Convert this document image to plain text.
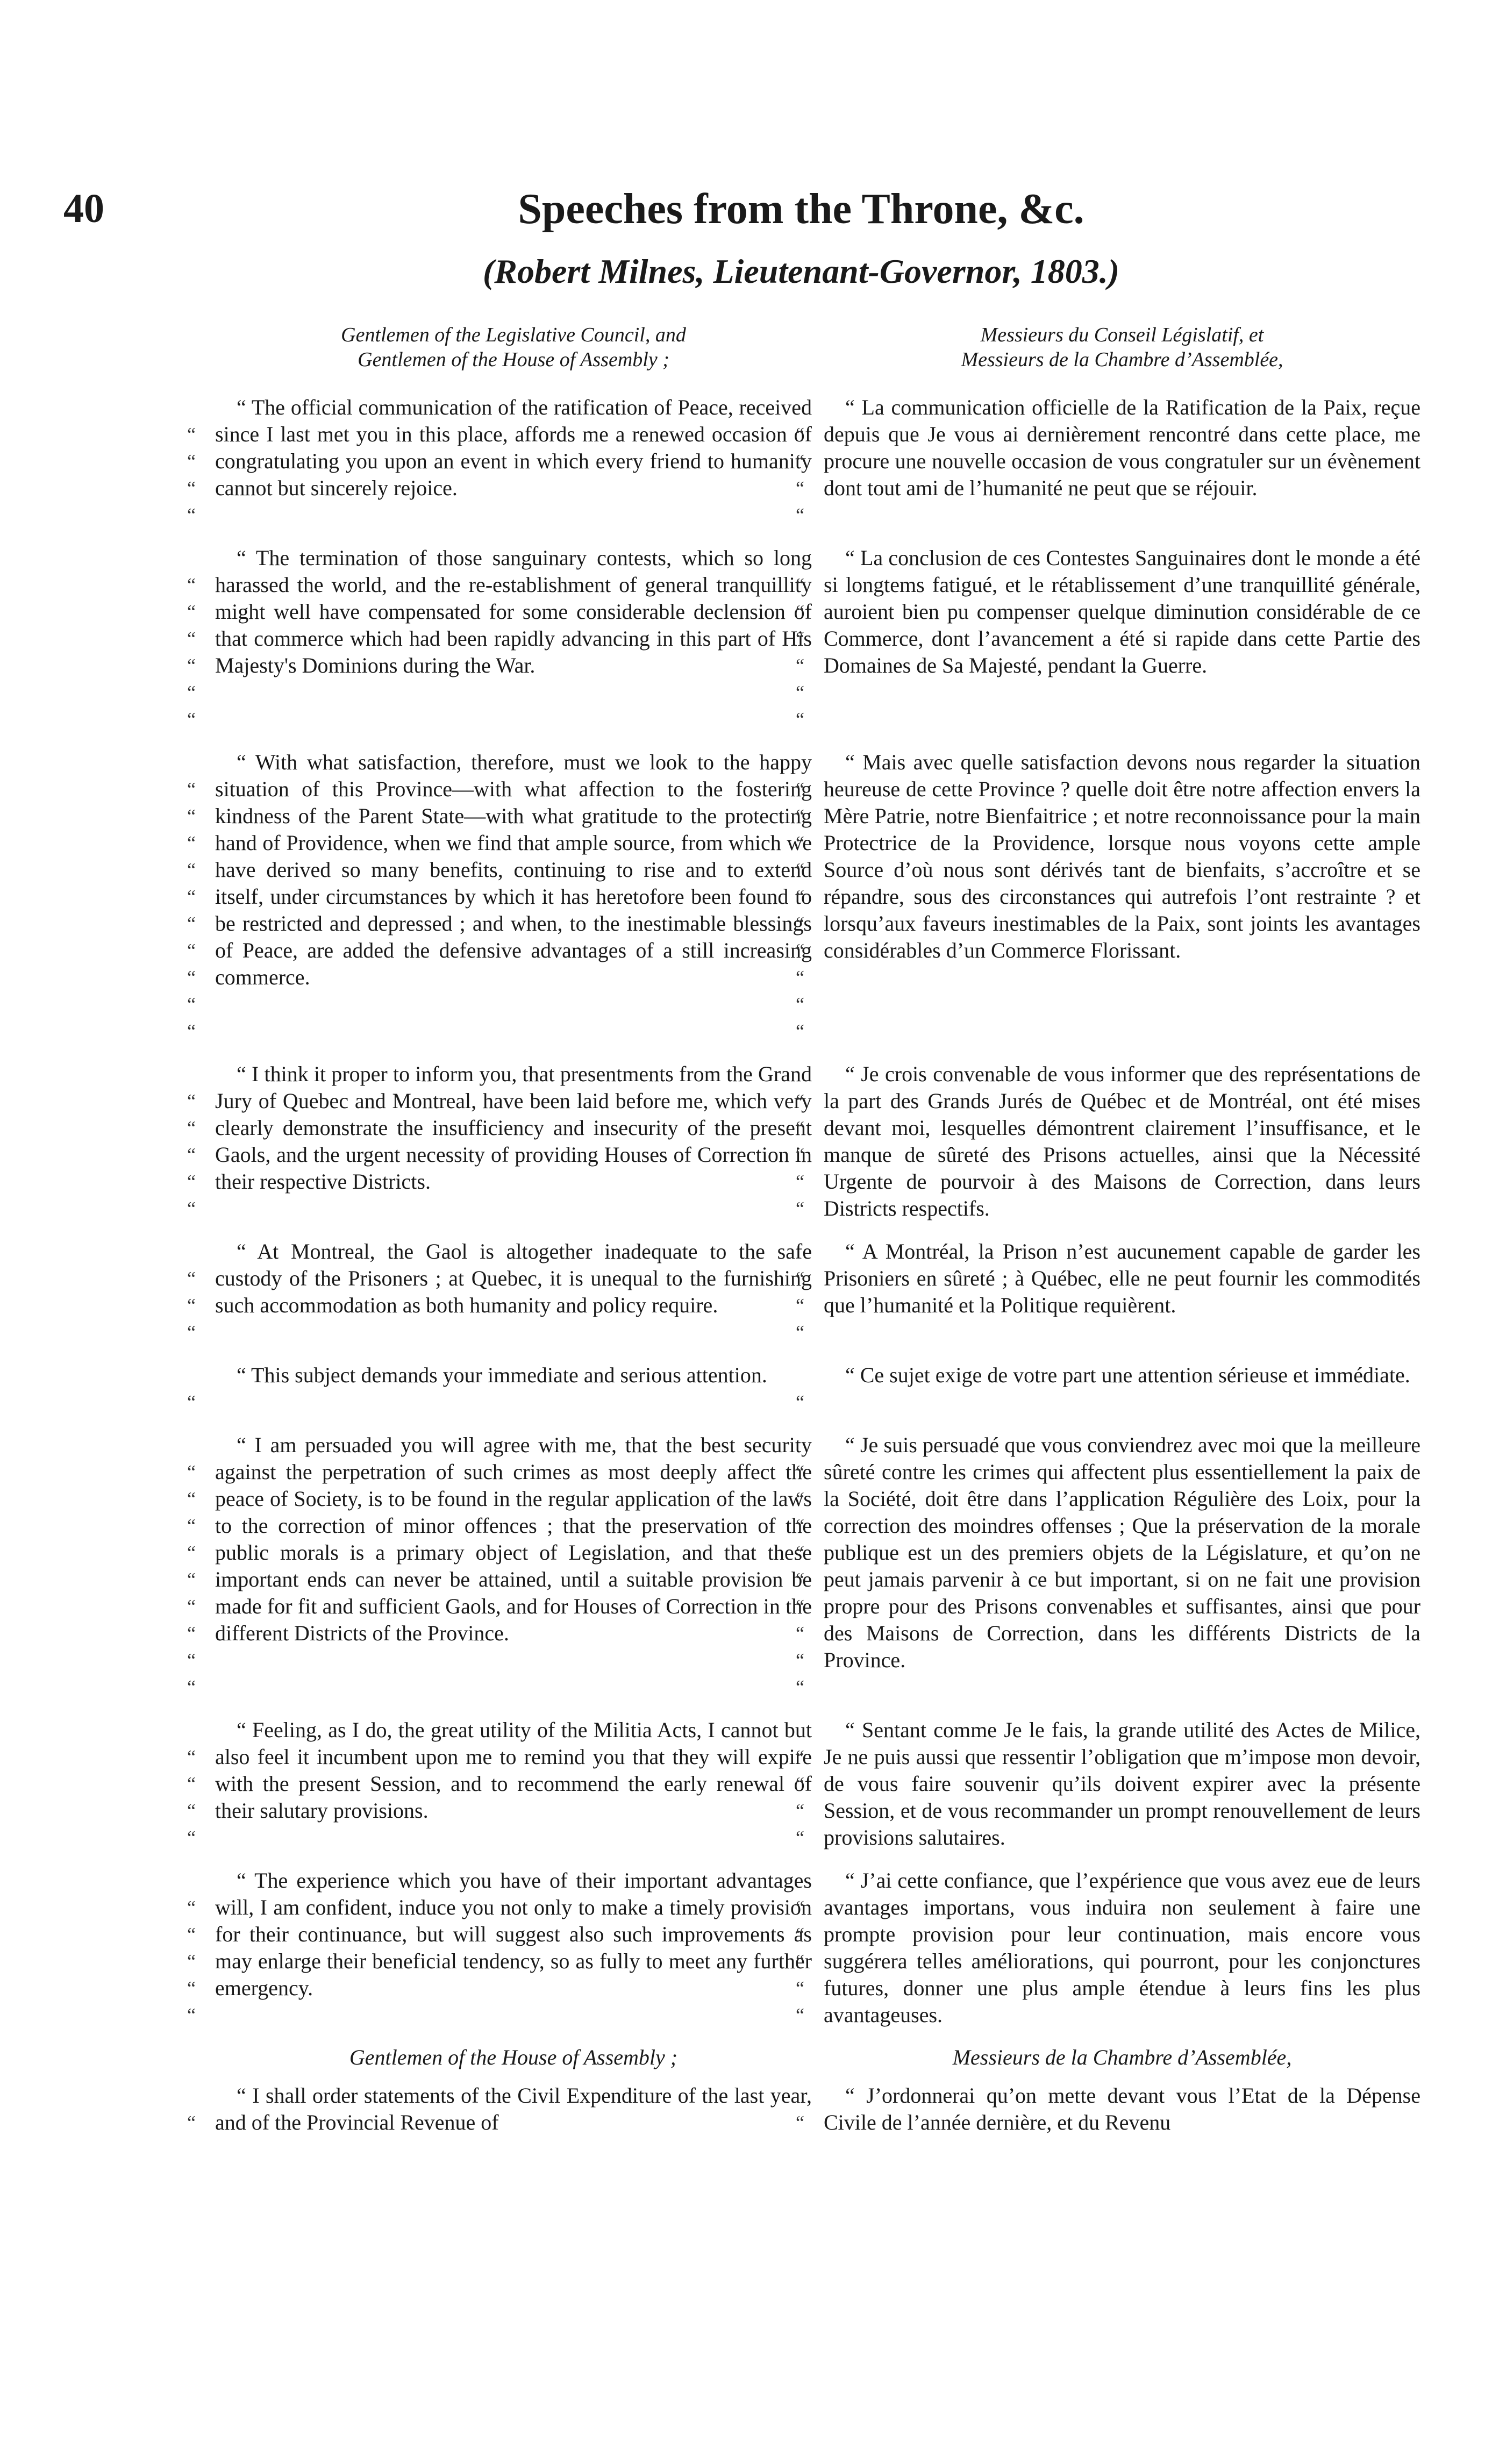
40	Speeches from the Throne, &c.
(Robert Milnes, Lieutenant-Governor, 1803.)
Gentlemen of the Legislative Council, and
Gentlemen of the House of Assembly ;
“ “ “ “ “ “ “ “ “ “ “ “ “ “ “ “ The official communication of the ratification of Peace, received since I last met you in this place, affords me a renewed occasion of congratulating you upon an event in which every friend to humanity cannot but sincerely rejoice.
“ “ “ “ “ “ “ “ “ “ “ “ “ “ “ “ The termination of those sanguinary contests, which so long harassed the world, and the re-establishment of general tranquillity might well have compensated for some considerable declension of that commerce which had been rapidly advancing in this part of His Majesty's Dominions during the War.
“ “ “ “ “ “ “ “ “ “ “ “ “ “ “ “ With what satisfaction, therefore, must we look to the happy situation of this Province—with what affection to the fostering kindness of the Parent State—with what gratitude to the protecting hand of Providence, when we find that ample source, from which we have derived so many benefits, continuing to rise and to extend itself, under circumstances by which it has heretofore been found to be restricted and depressed ; and when, to the inestimable blessings of Peace, are added the defensive advantages of a still increasing commerce.
“ “ “ “ “ “ “ “ “ “ “ “ “ “ “ “ I think it proper to inform you, that presentments from the Grand Jury of Quebec and Montreal, have been laid before me, which very clearly demonstrate the insufficiency and insecurity of the present Gaols, and the urgent necessity of providing Houses of Correction in their respective Districts.
“ “ “ “ “ “ “ “ “ “ “ “ “ “ “ “ At Montreal, the Gaol is altogether inadequate to the safe custody of the Prisoners ; at Quebec, it is unequal to the furnishing such accommodation as both humanity and policy require.
“ “ “ “ “ “ “ “ “ “ “ “ “ “ “ “ This subject demands your immediate and serious attention.
“ “ “ “ “ “ “ “ “ “ “ “ “ “ “ “ I am persuaded you will agree with me, that the best security against the perpetration of such crimes as most deeply affect the peace of Society, is to be found in the regular application of the laws to the correction of minor offences ; that the preservation of the public morals is a primary object of Legislation, and that these important ends can never be attained, until a suitable provision be made for fit and sufficient Gaols, and for Houses of Correction in the different Districts of the Province.
“ “ “ “ “ “ “ “ “ “ “ “ “ “ “ “ Feeling, as I do, the great utility of the Militia Acts, I cannot but also feel it incumbent upon me to remind you that they will expire with the present Session, and to recommend the early renewal of their salutary provisions.
“ “ “ “ “ “ “ “ “ “ “ “ “ “ “ “ The experience which you have of their important advantages will, I am confident, induce you not only to make a timely provision for their continuance, but will suggest also such improvements as may enlarge their beneficial tendency, so as fully to meet any further emergency.
Gentlemen of the House of Assembly ;
“ “ “ “ “ “ “ “ “ “ “ “ “ “ “ “ I shall order statements of the Civil Expenditure of the last year, and of the Provincial Revenue of
Messieurs du Conseil Législatif, et
Messieurs de la Chambre d’Assemblée,
“ “ “ “ “ “ “ “ “ “ “ “ “ “ “ “ La communication officielle de la Ratification de la Paix, reçue depuis que Je vous ai dernièrement rencontré dans cette place, me procure une nouvelle occasion de vous congratuler sur un évènement dont tout ami de l’humanité ne peut que se réjouir.
“ “ “ “ “ “ “ “ “ “ “ “ “ “ “ “ La conclusion de ces Contestes Sanguinaires dont le monde a été si longtems fatigué, et le rétablissement d’une tranquillité générale, auroient bien pu compenser quelque diminution considérable de ce Commerce, dont l’avancement a été si rapide dans cette Partie des Domaines de Sa Majesté, pendant la Guerre.
“ “ “ “ “ “ “ “ “ “ “ “ “ “ “ “ Mais avec quelle satisfaction devons nous regarder la situation heureuse de cette Province ? quelle doit être notre affection envers la Mère Patrie, notre Bienfaitrice ; et notre reconnoissance pour la main Protectrice de la Providence, lorsque nous voyons cette ample Source d’où nous sont dérivés tant de bienfaits, s’accroître et se répandre, sous des circonstances qui autrefois l’ont restrainte ? et lorsqu’aux faveurs inestimables de la Paix, sont joints les avantages considérables d’un Commerce Florissant.
“ “ “ “ “ “ “ “ “ “ “ “ “ “ “ “ Je crois convenable de vous informer que des représentations de la part des Grands Jurés de Québec et de Montréal, ont été mises devant moi, lesquelles démontrent clairement l’insuffisance, et le manque de sûreté des Prisons actuelles, ainsi que la Nécessité Urgente de pourvoir à des Maisons de Correction, dans leurs Districts respectifs.
“ “ “ “ “ “ “ “ “ “ “ “ “ “ “ “ A Montréal, la Prison n’est aucunement capable de garder les Prisoniers en sûreté ; à Québec, elle ne peut fournir les commodités que l’humanité et la Politique requièrent.
“ “ “ “ “ “ “ “ “ “ “ “ “ “ “ “ Ce sujet exige de votre part une attention sérieuse et immédiate.
“ “ “ “ “ “ “ “ “ “ “ “ “ “ “ “ Je suis persuadé que vous conviendrez avec moi que la meilleure sûreté contre les crimes qui affectent plus essentiellement la paix de la Société, doit être dans l’application Régulière des Loix, pour la correction des moindres offenses ; Que la préservation de la morale publique est un des premiers objets de la Législature, et qu’on ne peut jamais parvenir à ce but important, si on ne fait une provision propre pour des Prisons convenables et suffisantes, ainsi que pour des Maisons de Correction, dans les différents Districts de la Province.
“ “ “ “ “ “ “ “ “ “ “ “ “ “ “ “ Sentant comme Je le fais, la grande utilité des Actes de Milice, Je ne puis aussi que ressentir l’obligation que m’impose mon devoir, de vous faire souvenir qu’ils doivent expirer avec la présente Session, et de vous recommander un prompt renouvellement de leurs provisions salutaires.
“ “ “ “ “ “ “ “ “ “ “ “ “ “ “ “ J’ai cette confiance, que l’expérience que vous avez eue de leurs avantages importans, vous induira non seulement à faire une prompte provision pour leur continuation, mais encore vous suggérera telles améliorations, qui pourront, pour les conjonctures futures, donner une plus ample étendue à leurs fins les plus avantageuses.
Messieurs de la Chambre d’Assemblée,
“ “ “ “ “ “ “ “ “ “ “ “ “ “ “ “ J’ordonnerai qu’on mette devant vous l’Etat de la Dépense Civile de l’année dernière, et du Revenu
